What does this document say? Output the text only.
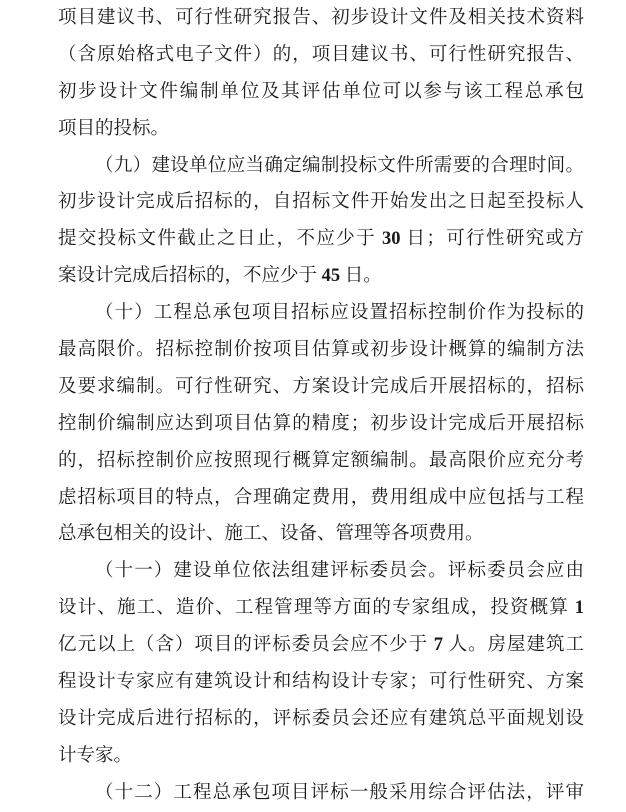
项目建议书、可行性研究报告、初步设计文件及相关技术资料
（含原始格式电子文件）的，项目建议书、可行性研究报告、
初步设计文件编制单位及其评估单位可以参与该工程总承包
项目的投标。
（九）建设单位应当确定编制投标文件所需要的合理时间。
初步设计完成后招标的，自招标文件开始发出之日起至投标人
提交投标文件截止之日止，不应少于 30 日；可行性研究或方
案设计完成后招标的，不应少于 45 日。
（十）工程总承包项目招标应设置招标控制价作为投标的
最高限价。招标控制价按项目估算或初步设计概算的编制方法
及要求编制。可行性研究、方案设计完成后开展招标的，招标
控制价编制应达到项目估算的精度；初步设计完成后开展招标
的，招标控制价应按照现行概算定额编制。最高限价应充分考
虑招标项目的特点，合理确定费用，费用组成中应包括与工程
总承包相关的设计、施工、设备、管理等各项费用。
（十一）建设单位依法组建评标委员会。评标委员会应由
设计、施工、造价、工程管理等方面的专家组成，投资概算 1
亿元以上（含）项目的评标委员会应不少于 7 人。房屋建筑工
程设计专家应有建筑设计和结构设计专家；可行性研究、方案
设计完成后进行招标的，评标委员会还应有建筑总平面规划设
计专家。
（十二）工程总承包项目评标一般采用综合评估法，评审
